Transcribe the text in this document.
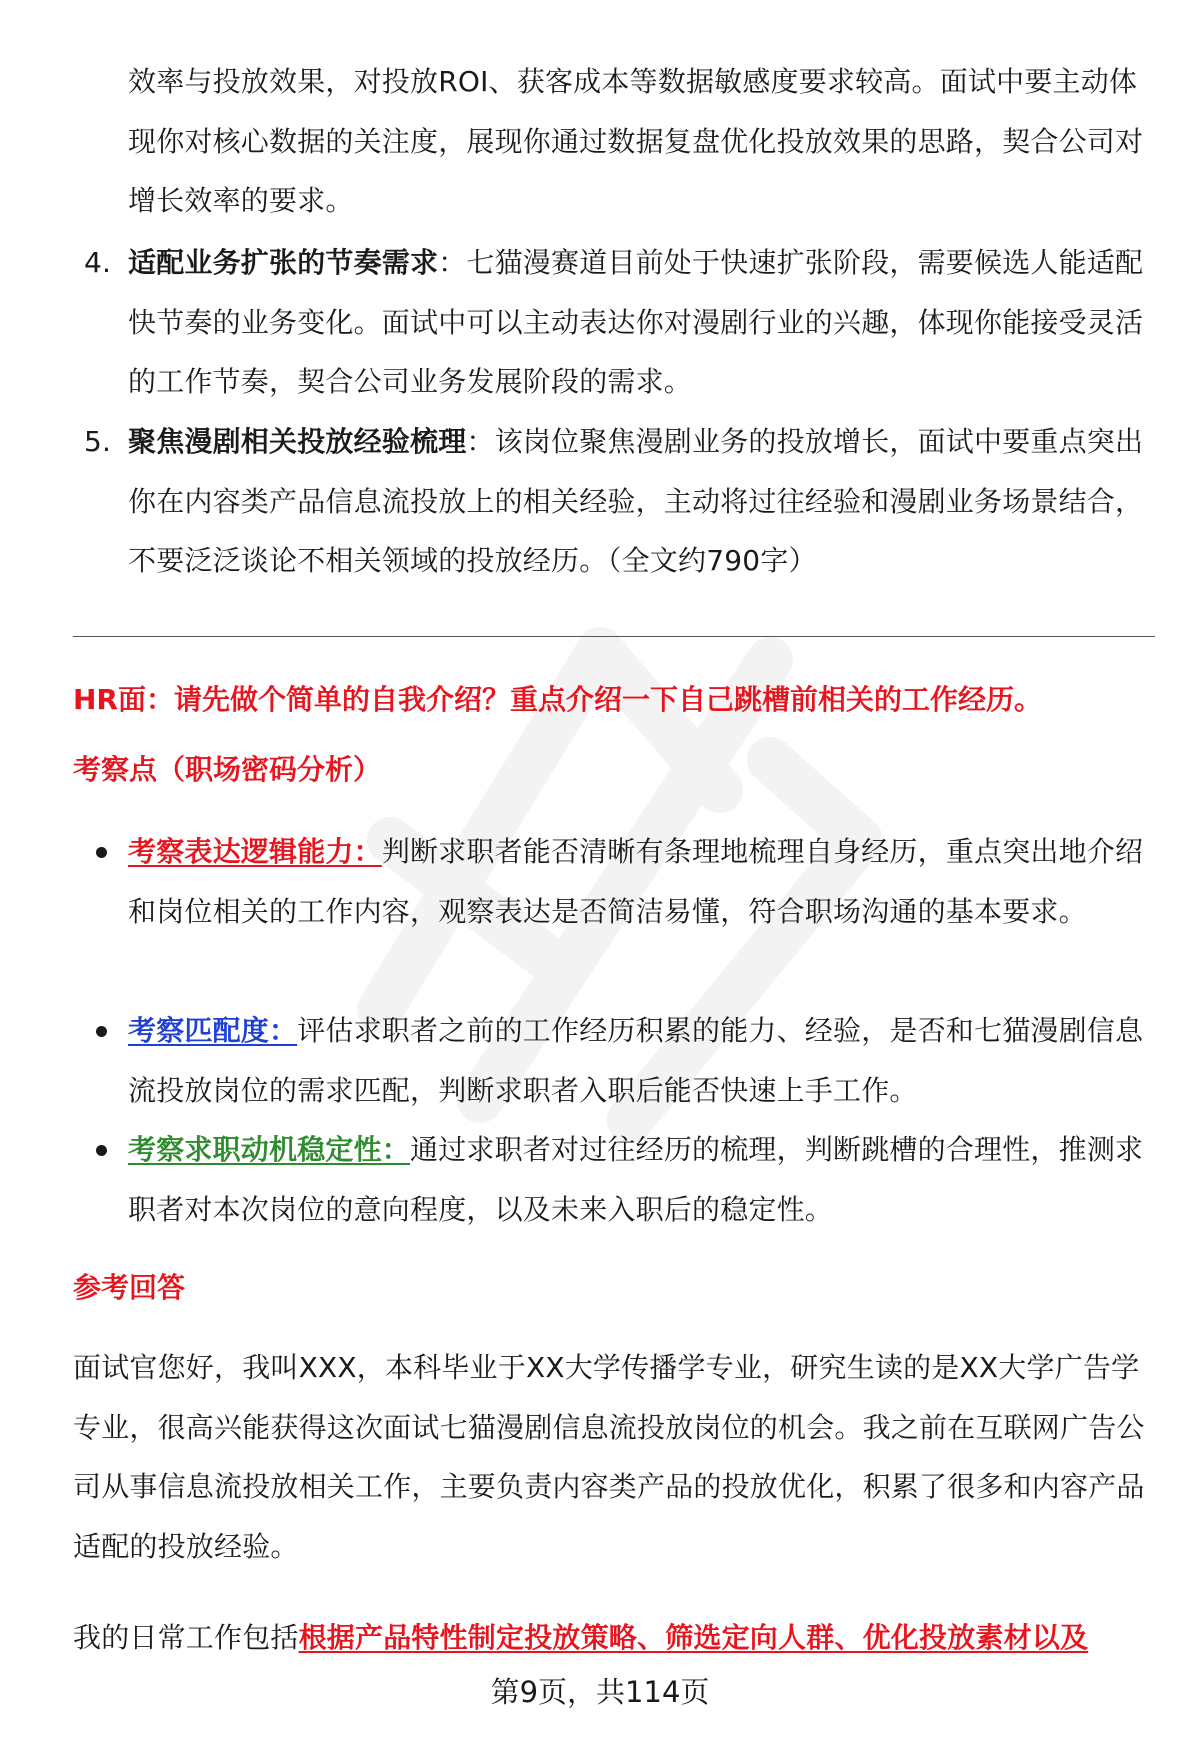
效率与投放效果，对投放ROI、获客成本等数据敏感度要求较高。面试中要主动体现你对核心数据的关注度，展现你通过数据复盘优化投放效果的思路，契合公司对增长效率的要求。
4. 适配业务扩张的节奏需求：七猫漫赛道目前处于快速扩张阶段，需要候选人能适配快节奏的业务变化。面试中可以主动表达你对漫剧行业的兴趣，体现你能接受灵活的工作节奏，契合公司业务发展阶段的需求。
5. 聚焦漫剧相关投放经验梳理：该岗位聚焦漫剧业务的投放增长，面试中要重点突出你在内容类产品信息流投放上的相关经验，主动将过往经验和漫剧业务场景结合，不要泛泛谈论不相关领域的投放经历。（全文约790字）
HR面：请先做个简单的自我介绍？重点介绍一下自己跳槽前相关的工作经历。
考察点（职场密码分析）
考察表达逻辑能力：判断求职者能否清晰有条理地梳理自身经历，重点突出地介绍和岗位相关的工作内容，观察表达是否简洁易懂，符合职场沟通的基本要求。
考察匹配度：评估求职者之前的工作经历积累的能力、经验，是否和七猫漫剧信息流投放岗位的需求匹配，判断求职者入职后能否快速上手工作。
考察求职动机稳定性：通过求职者对过往经历的梳理，判断跳槽的合理性，推测求职者对本次岗位的意向程度，以及未来入职后的稳定性。
参考回答
面试官您好，我叫XXX，本科毕业于XX大学传播学专业，研究生读的是XX大学广告学专业，很高兴能获得这次面试七猫漫剧信息流投放岗位的机会。我之前在互联网广告公司从事信息流投放相关工作，主要负责内容类产品的投放优化，积累了很多和内容产品适配的投放经验。
我的日常工作包括根据产品特性制定投放策略、筛选定向人群、优化投放素材以及
第9页，共114页
